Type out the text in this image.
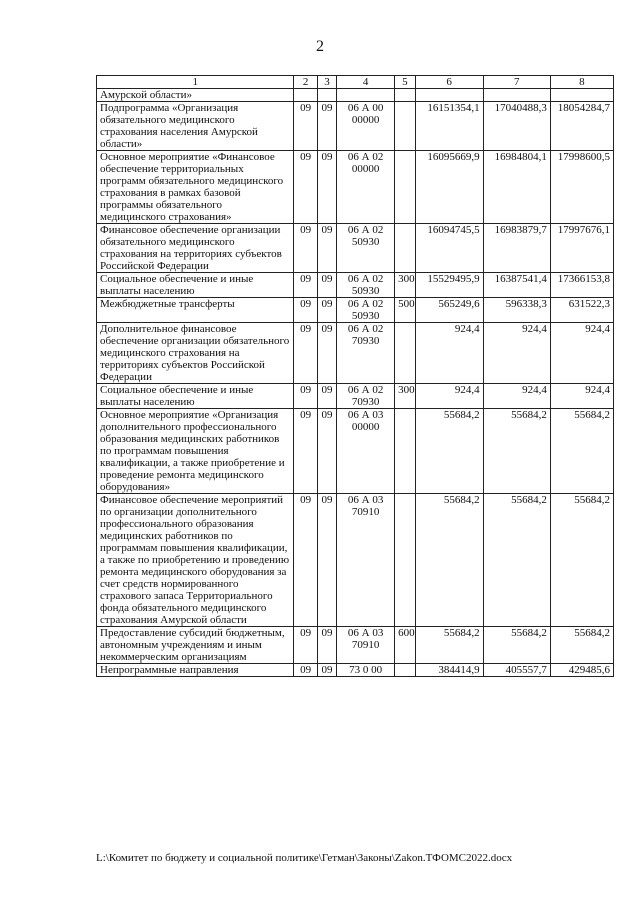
2
1	2	3	4	5	6	7	8
Амурской области»							
Подпрограмма «Организация обязательного медицинского страхования населения Амурской области»	09	09	06 А 00 00000		16151354,1	17040488,3	18054284,7
Основное мероприятие «Финансовое обеспечение территориальных программ обязательного медицинского страхования в рамках базовой программы обязательного медицинского страхования»	09	09	06 А 02 00000		16095669,9	16984804,1	17998600,5
Финансовое обеспечение организации обязательного медицинского страхования на территориях субъектов Российской Федерации	09	09	06 А 02 50930		16094745,5	16983879,7	17997676,1
Социальное обеспечение и иные выплаты населению	09	09	06 А 02 50930	300	15529495,9	16387541,4	17366153,8
Межбюджетные трансферты	09	09	06 А 02 50930	500	565249,6	596338,3	631522,3
Дополнительное финансовое обеспечение организации обязательного медицинского страхования на территориях субъектов Российской Федерации	09	09	06 А 02 70930		924,4	924,4	924,4
Социальное обеспечение и иные выплаты населению	09	09	06 А 02 70930	300	924,4	924,4	924,4
Основное мероприятие «Организация дополнительного профессионального образования медицинских работников по программам повышения квалификации, а также приобретение и проведение ремонта медицинского оборудования»	09	09	06 А 03 00000		55684,2	55684,2	55684,2
Финансовое обеспечение мероприятий по организации дополнительного профессионального образования медицинских работников по программам повышения квалификации, а также по приобретению и проведению ремонта медицинского оборудования за счет средств нормированного страхового запаса Территориального фонда обязательного медицинского страхования Амурской области	09	09	06 А 03 70910		55684,2	55684,2	55684,2
Предоставление субсидий бюджетным, автономным учреждениям и иным некоммерческим организациям	09	09	06 А 03 70910	600	55684,2	55684,2	55684,2
Непрограммные направления	09	09	73 0 00		384414,9	405557,7	429485,6
L:\Комитет по бюджету и социальной политике\Гетман\Законы\Zakon.ТФОМС2022.docx
